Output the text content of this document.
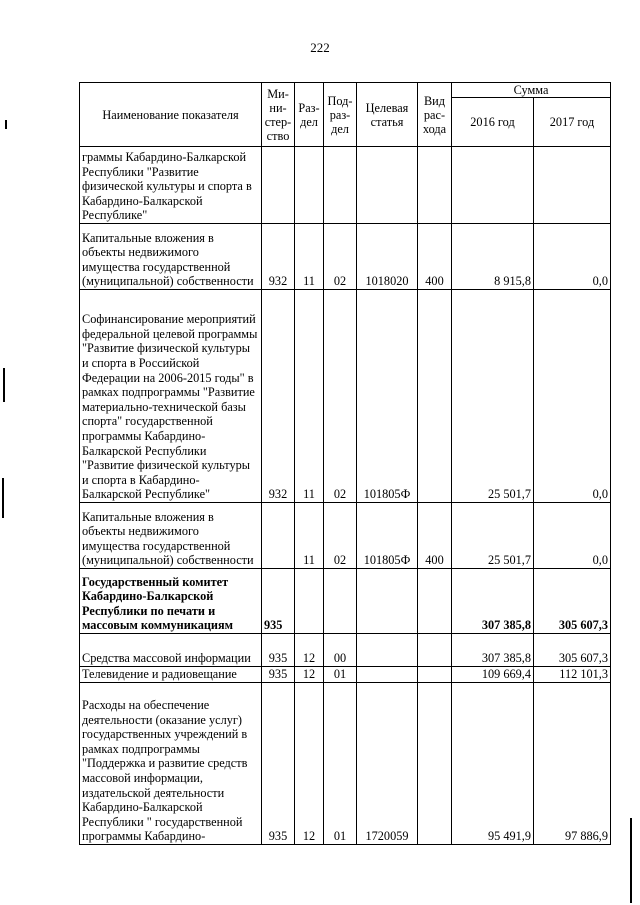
222
Наименование показателя	Ми-
ни-
стер-
ство	Раз-
дел	Под-
раз-
дел	Целевая
статья	Вид
рас-
хода	Сумма	
						2016 год	2017 год
граммы Кабардино-Балкарской Республики "Развитие физической культуры и спорта в Кабардино-Балкарской Республике"							
Капитальные вложения в объекты недвижимого имущества государственной (муниципальной) собственности	932	11	02	1018020	400	8 915,8	0,0
Софинансирование мероприятий федеральной целевой программы "Развитие физической культуры и спорта в Российской Федерации на 2006-2015 годы" в рамках подпрограммы "Развитие материально-технической базы спорта" государственной программы Кабардино-Балкарской Республики "Развитие физической культуры и спорта в Кабардино-Балкарской Республике"	932	11	02	101805Ф		25 501,7	0,0
Капитальные вложения в объекты недвижимого имущества государственной (муниципальной) собственности		11	02	101805Ф	400	25 501,7	0,0
Государственный комитет Кабардино-Балкарской Республики по печати и массовым коммуникациям	935					307 385,8	305 607,3
Средства массовой информации	935	12	00			307 385,8	305 607,3
Телевидение и радиовещание	935	12	01			109 669,4	112 101,3
Расходы на обеспечение деятельности (оказание услуг) государственных учреждений в рамках подпрограммы "Поддержка и развитие средств массовой информации, издательской деятельности Кабардино-Балкарской Республики " государственной программы Кабардино-	935	12	01	1720059		95 491,9	97 886,9
